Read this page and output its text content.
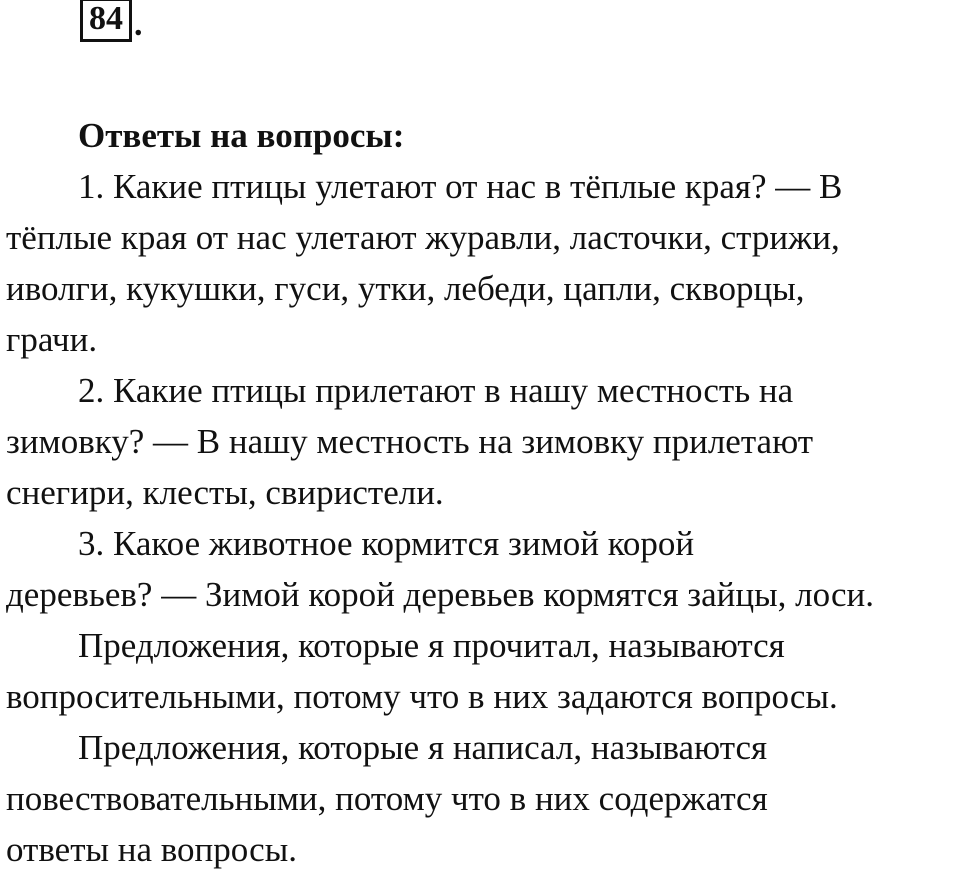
84 .

Ответы на вопросы:

1. Какие птицы улетают от нас в тёплые края? — В
тёплые края от нас улетают журавли, ласточки, стрижи,
иволги, кукушки, гуси, утки, лебеди, цапли, скворцы,
грачи.

2. Какие птицы прилетают в нашу местность на
зимовку? — В нашу местность на зимовку прилетают
снегири, клесты, свиристели.

3. Какое животное кормится зимой корой
деревьев? — Зимой корой деревьев кормятся зайцы, лоси.

Предложения, которые я прочитал, называются
вопросительными, потому что в них задаются вопросы.

Предложения, которые я написал, называются
повествовательными, потому что в них содержатся
ответы на вопросы.
